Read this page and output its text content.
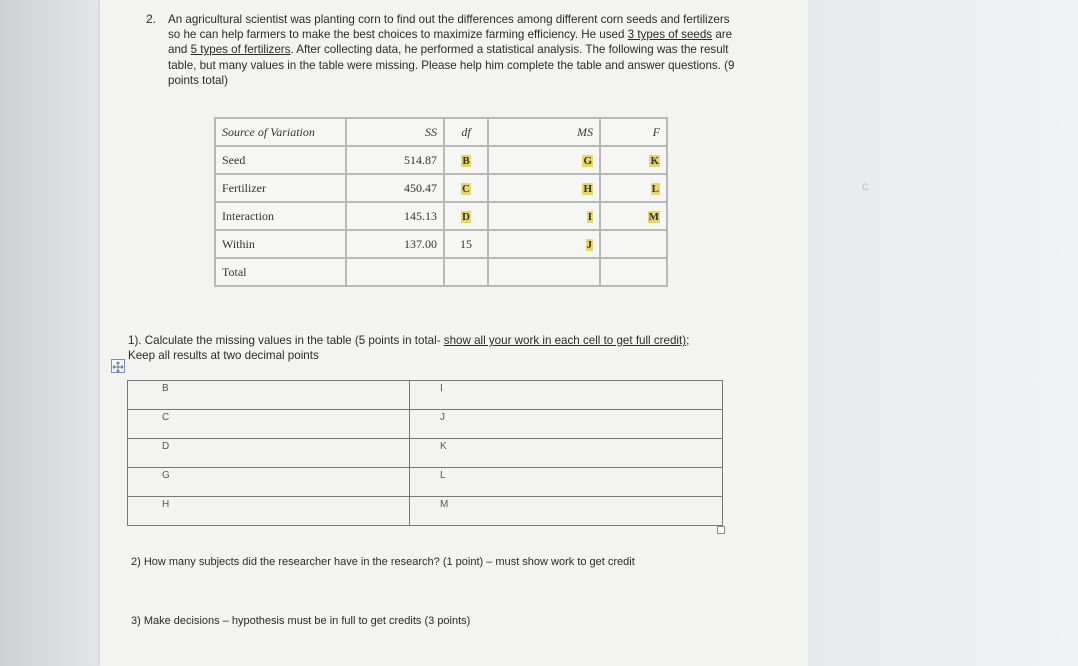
2. An agricultural scientist was planting corn to find out the differences among different corn seeds and fertilizers so he can help farmers to make the best choices to maximize farming efficiency. He used 3 types of seeds are and 5 types of fertilizers. After collecting data, he performed a statistical analysis. The following was the result table, but many values in the table were missing. Please help him complete the table and answer questions. (9 points total)
Source of Variation	SS	df	MS	F
Seed	514.87	B	G	K
Fertilizer	450.47	C	H	L
Interaction	145.13	D	I	M
Within	137.00	15	J	
Total				
1). Calculate the missing values in the table (5 points in total- show all your work in each cell to get full credit); Keep all results at two decimal points
B	I

C	J

D	K

G	L

H	M
2) How many subjects did the researcher have in the research? (1 point) – must show work to get credit
3) Make decisions – hypothesis must be in full to get credits (3 points)
C
